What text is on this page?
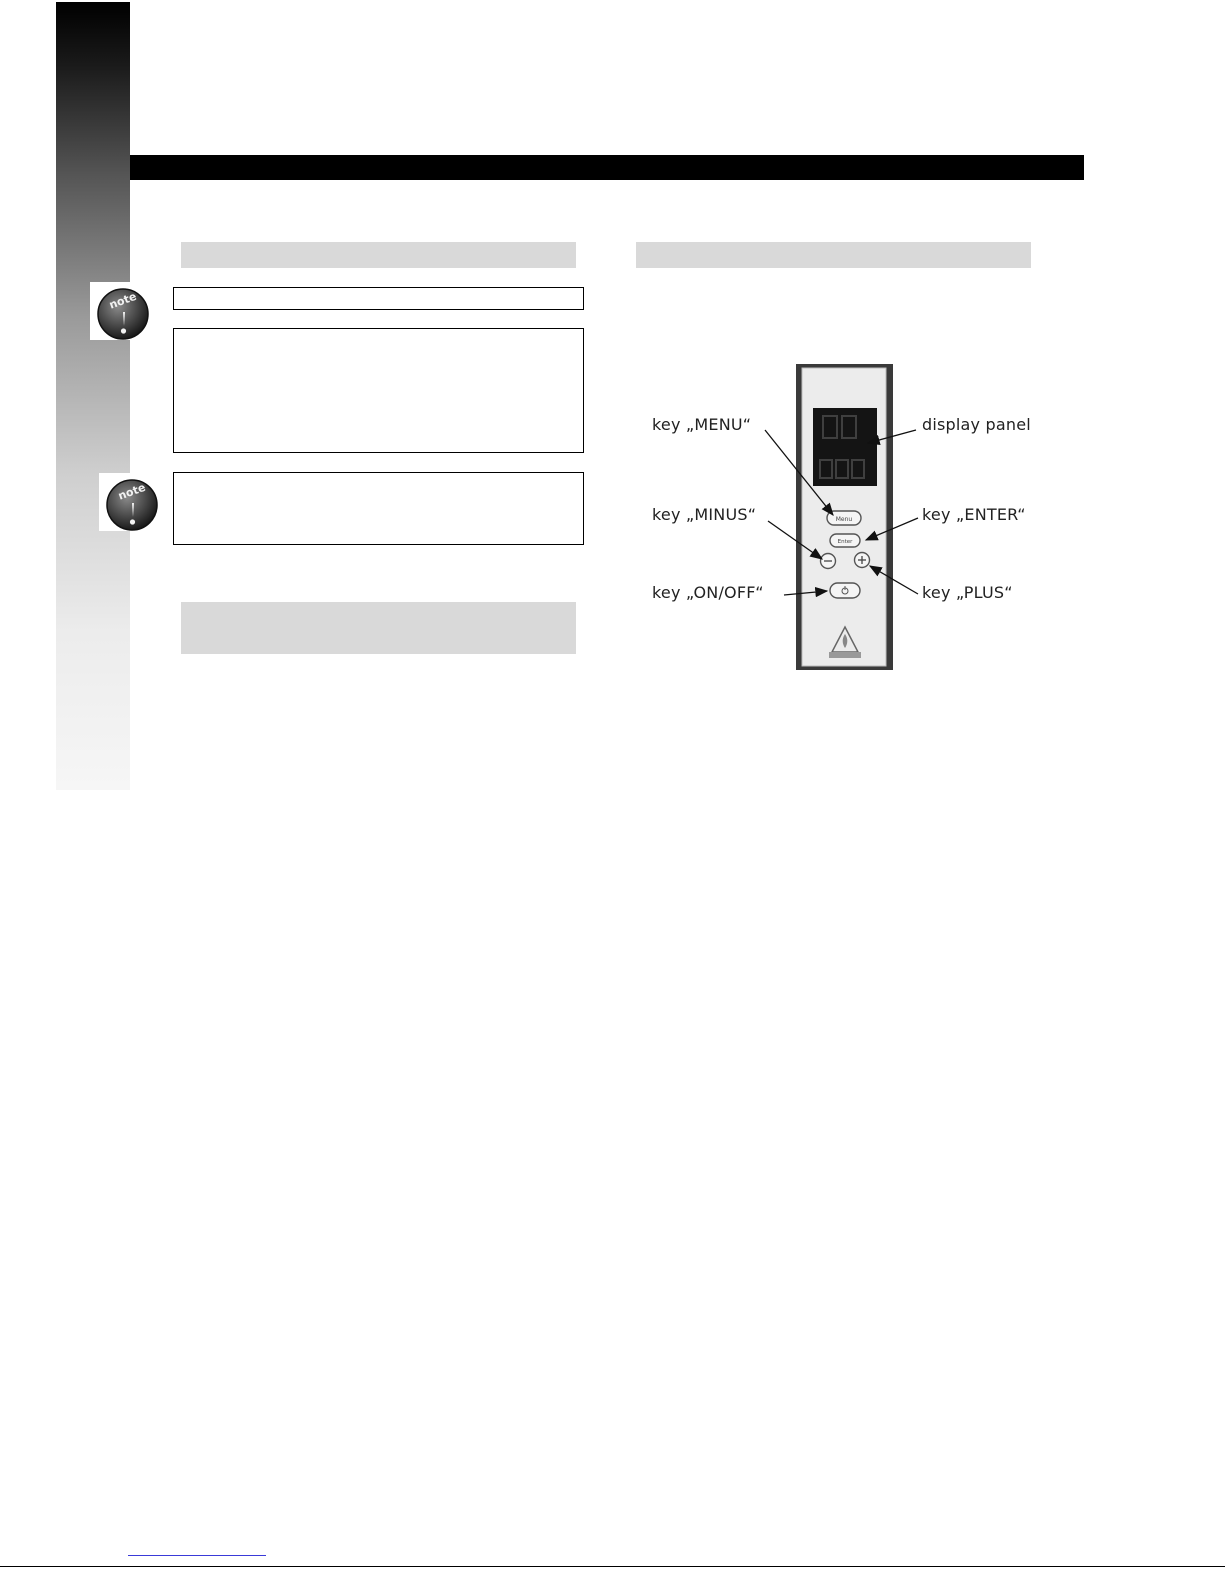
note
note
Menu
Enter
key „MENU“	display panel
key „MINUS“	key „ENTER“
key „ON/OFF“	key „PLUS“
